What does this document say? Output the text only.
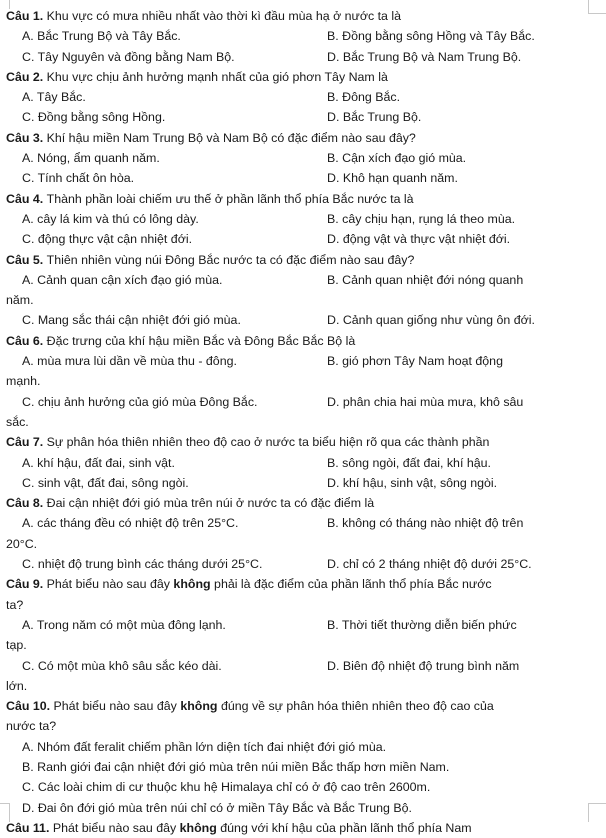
Câu 1. Khu vực có mưa nhiều nhất vào thời kì đầu mùa hạ ở nước ta là
A. Bắc Trung Bộ và Tây Bắc.	B. Đồng bằng sông Hồng và Tây Bắc.
C. Tây Nguyên và đồng bằng Nam Bộ.	D. Bắc Trung Bộ và Nam Trung Bộ.
Câu 2. Khu vực chịu ảnh hưởng mạnh nhất của gió phơn Tây Nam là
A. Tây Bắc.	B. Đông Bắc.
C. Đồng bằng sông Hồng.	D. Bắc Trung Bộ.
Câu 3. Khí hậu miền Nam Trung Bộ và Nam Bộ có đặc điểm nào sau đây?
A. Nóng, ẩm quanh năm.	B. Cận xích đạo gió mùa.
C. Tính chất ôn hòa.	D. Khô hạn quanh năm.
Câu 4. Thành phần loài chiếm ưu thế ở phần lãnh thổ phía Bắc nước ta là
A. cây lá kim và thú có lông dày.	B. cây chịu hạn, rụng lá theo mùa.
C. động thực vật cận nhiệt đới.	D. động vật và thực vật nhiệt đới.
Câu 5. Thiên nhiên vùng núi Đông Bắc nước ta có đặc điểm nào sau đây?
A. Cảnh quan cận xích đạo gió mùa.	B. Cảnh quan nhiệt đới nóng quanh
năm.
C. Mang sắc thái cận nhiệt đới gió mùa.	D. Cảnh quan giống như vùng ôn đới.
Câu 6. Đặc trưng của khí hậu miền Bắc và Đông Bắc Bắc Bộ là
A. mùa mưa lùi dần về mùa thu - đông.	B. gió phơn Tây Nam hoạt động
mạnh.
C. chịu ảnh hưởng của gió mùa Đông Bắc.	D. phân chia hai mùa mưa, khô sâu
sắc.
Câu 7. Sự phân hóa thiên nhiên theo độ cao ở nước ta biểu hiện rõ qua các thành phần
A. khí hậu, đất đai, sinh vật.	B. sông ngòi, đất đai, khí hậu.
C. sinh vật, đất đai, sông ngòi.	D. khí hậu, sinh vật, sông ngòi.
Câu 8. Đai cận nhiệt đới gió mùa trên núi ở nước ta có đặc điểm là
A. các tháng đều có nhiệt độ trên 25°C.	B. không có tháng nào nhiệt độ trên
20°C.
C. nhiệt độ trung bình các tháng dưới 25°C.	D. chỉ có 2 tháng nhiệt độ dưới 25°C.
Câu 9. Phát biểu nào sau đây không phải là đặc điểm của phần lãnh thổ phía Bắc nước
ta?
A. Trong năm có một mùa đông lạnh.	B. Thời tiết thường diễn biến phức
tạp.
C. Có một mùa khô sâu sắc kéo dài.	D. Biên độ nhiệt độ trung bình năm
lớn.
Câu 10. Phát biểu nào sau đây không đúng về sự phân hóa thiên nhiên theo độ cao của
nước ta?
A. Nhóm đất feralit chiếm phần lớn diện tích đai nhiệt đới gió mùa.
B. Ranh giới đai cận nhiệt đới gió mùa trên núi miền Bắc thấp hơn miền Nam.
C. Các loài chim di cư thuộc khu hệ Himalaya chỉ có ở độ cao trên 2600m.
D. Đai ôn đới gió mùa trên núi chỉ có ở miền Tây Bắc và Bắc Trung Bộ.
Câu 11. Phát biểu nào sau đây không đúng với khí hậu của phần lãnh thổ phía Nam
